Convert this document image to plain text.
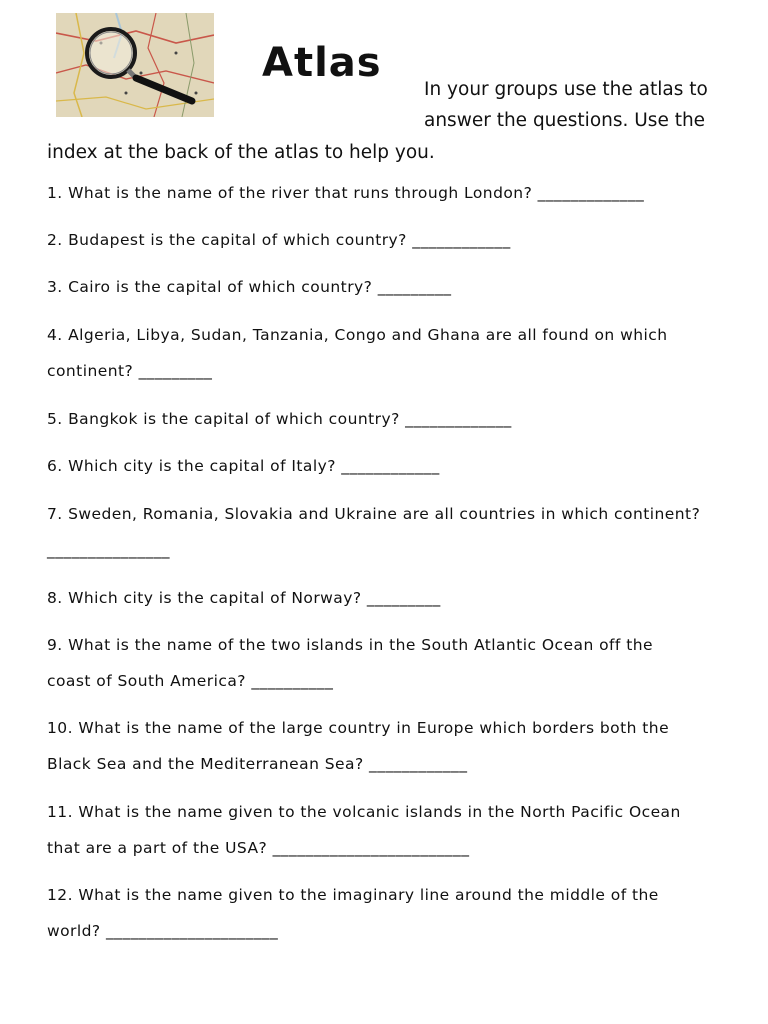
Atlas
In your groups use the atlas to
answer the questions. Use the
index at the back of the atlas to help you.
1. What is the name of the river that runs through London? _____________
2. Budapest is the capital of which country? ____________
3. Cairo is the capital of which country? _________
4. Algeria, Libya, Sudan, Tanzania, Congo and Ghana are all found on which
continent? _________
5. Bangkok is the capital of which country? _____________
6. Which city is the capital of Italy? ____________
7. Sweden, Romania, Slovakia and Ukraine are all countries in which continent?
_______________
8. Which city is the capital of Norway? _________
9. What is the name of the two islands in the South Atlantic Ocean off the
coast of South America? __________
10. What is the name of the large country in Europe which borders both the
Black Sea and the Mediterranean Sea? ____________
11. What is the name given to the volcanic islands in the North Pacific Ocean
that are a part of the USA? ________________________
12. What is the name given to the imaginary line around the middle of the
world? _____________________
